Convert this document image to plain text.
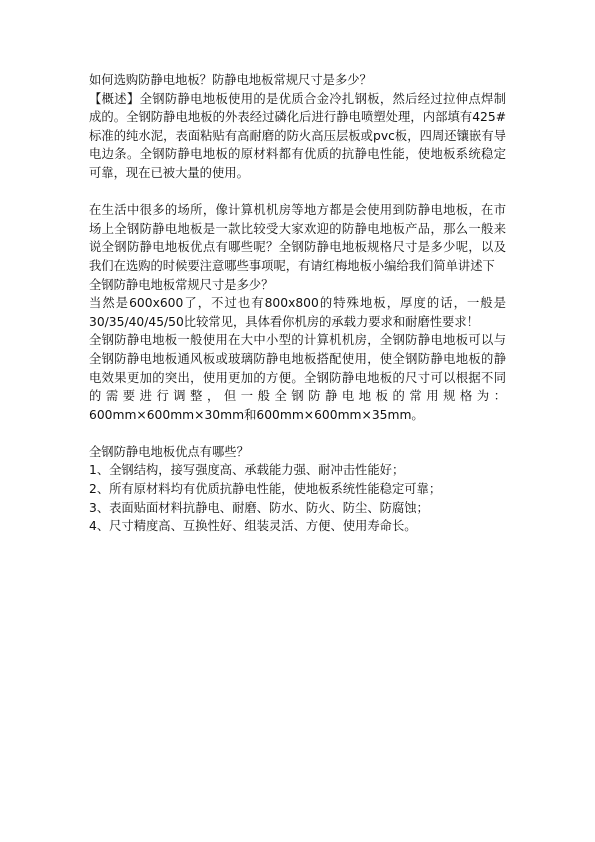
如何选购防静电地板？防静电地板常规尺寸是多少？

【概述】全钢防静电地板使用的是优质合金冷扎钢板，然后经过拉伸点焊制成的。全钢防静电地板的外表经过磷化后进行静电喷塑处理，内部填有425#标准的纯水泥，表面粘贴有高耐磨的防火高压层板或pvc板，四周还镶嵌有导电边条。全钢防静电地板的原材料都有优质的抗静电性能，使地板系统稳定可靠，现在已被大量的使用。

在生活中很多的场所，像计算机机房等地方都是会使用到防静电地板，在市场上全钢防静电地板是一款比较受大家欢迎的防静电地板产品，那么一般来说全钢防静电地板优点有哪些呢？全钢防静电地板规格尺寸是多少呢，以及我们在选购的时候要注意哪些事项呢，有请红梅地板小编给我们简单讲述下

全钢防静电地板常规尺寸是多少？

当然是600x600了，不过也有800x800的特殊地板，厚度的话，一般是30/35/40/45/50比较常见，具体看你机房的承载力要求和耐磨性要求！

全钢防静电地板一般使用在大中小型的计算机机房，全钢防静电地板可以与全钢防静电地板通风板或玻璃防静电地板搭配使用，使全钢防静电地板的静电效果更加的突出，使用更加的方便。全钢防静电地板的尺寸可以根据不同的需要进行调整，但一般全钢防静电地板的常用规格为：600mm×600mm×30mm和600mm×600mm×35mm。

全钢防静电地板优点有哪些？

1、全钢结构，接写强度高、承载能力强、耐冲击性能好；

2、所有原材料均有优质抗静电性能，使地板系统性能稳定可靠；

3、表面贴面材料抗静电、耐磨、防水、防火、防尘、防腐蚀；

4、尺寸精度高、互换性好、组装灵活、方便、使用寿命长。
